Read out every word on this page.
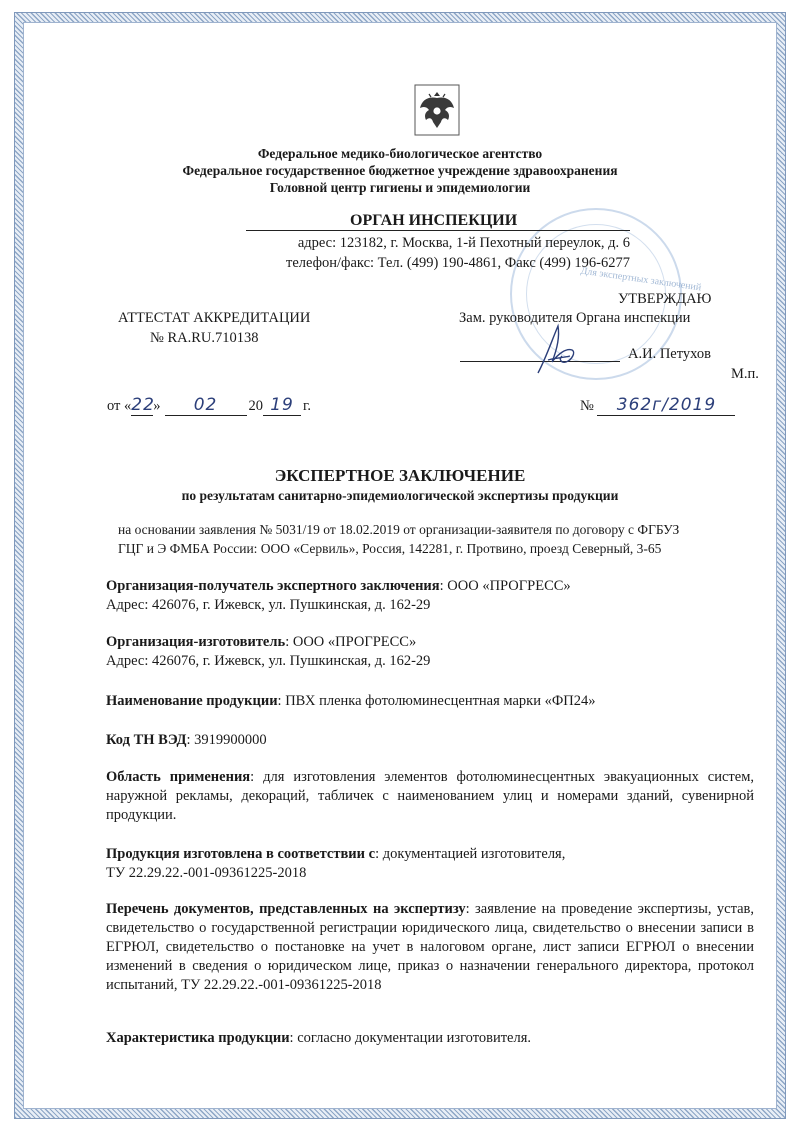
Федеральное медико-биологическое агентство
Федеральное государственное бюджетное учреждение здравоохранения
Головной центр гигиены и эпидемиологии
Для экспертных заключений
ОРГАН ИНСПЕКЦИИ
адрес: 123182, г. Москва, 1-й Пехотный переулок, д. 6
телефон/факс: Тел. (499) 190-4861, Факс (499) 196-6277
АТТЕСТАТ АККРЕДИТАЦИИ
№ RA.RU.710138
УТВЕРЖДАЮ
Зам. руководителя Органа инспекции
А.И. Петухов
М.п.
от «22» 02 20 19 г.	№ 362г/2019
ЭКСПЕРТНОЕ ЗАКЛЮЧЕНИЕ
по результатам санитарно-эпидемиологической экспертизы продукции
на основании заявления № 5031/19 от 18.02.2019 от организации-заявителя по договору с ФГБУЗ
ГЦГ и Э ФМБА России: ООО «Сервиль», Россия, 142281, г. Протвино, проезд Северный, 3-65
Организация-получатель экспертного заключения: ООО «ПРОГРЕСС»
Адрес: 426076, г. Ижевск, ул. Пушкинская, д. 162-29
Организация-изготовитель: ООО «ПРОГРЕСС»
Адрес: 426076, г. Ижевск, ул. Пушкинская, д. 162-29
Наименование продукции: ПВХ пленка фотолюминесцентная марки «ФП24»
Код ТН ВЭД: 3919900000
Область применения: для изготовления элементов фотолюминесцентных эвакуационных систем, наружной рекламы, декораций, табличек с наименованием улиц и номерами зданий, сувенирной продукции.
Продукция изготовлена в соответствии с: документацией изготовителя,
ТУ 22.29.22.-001-09361225-2018
Перечень документов, представленных на экспертизу: заявление на проведение экспертизы, устав, свидетельство о государственной регистрации юридического лица, свидетельство о внесении записи в ЕГРЮЛ, свидетельство о постановке на учет в налоговом органе, лист записи ЕГРЮЛ о внесении изменений в сведения о юридическом лице, приказ о назначении генерального директора, протокол испытаний, ТУ 22.29.22.-001-09361225-2018
Характеристика продукции: согласно документации изготовителя.
